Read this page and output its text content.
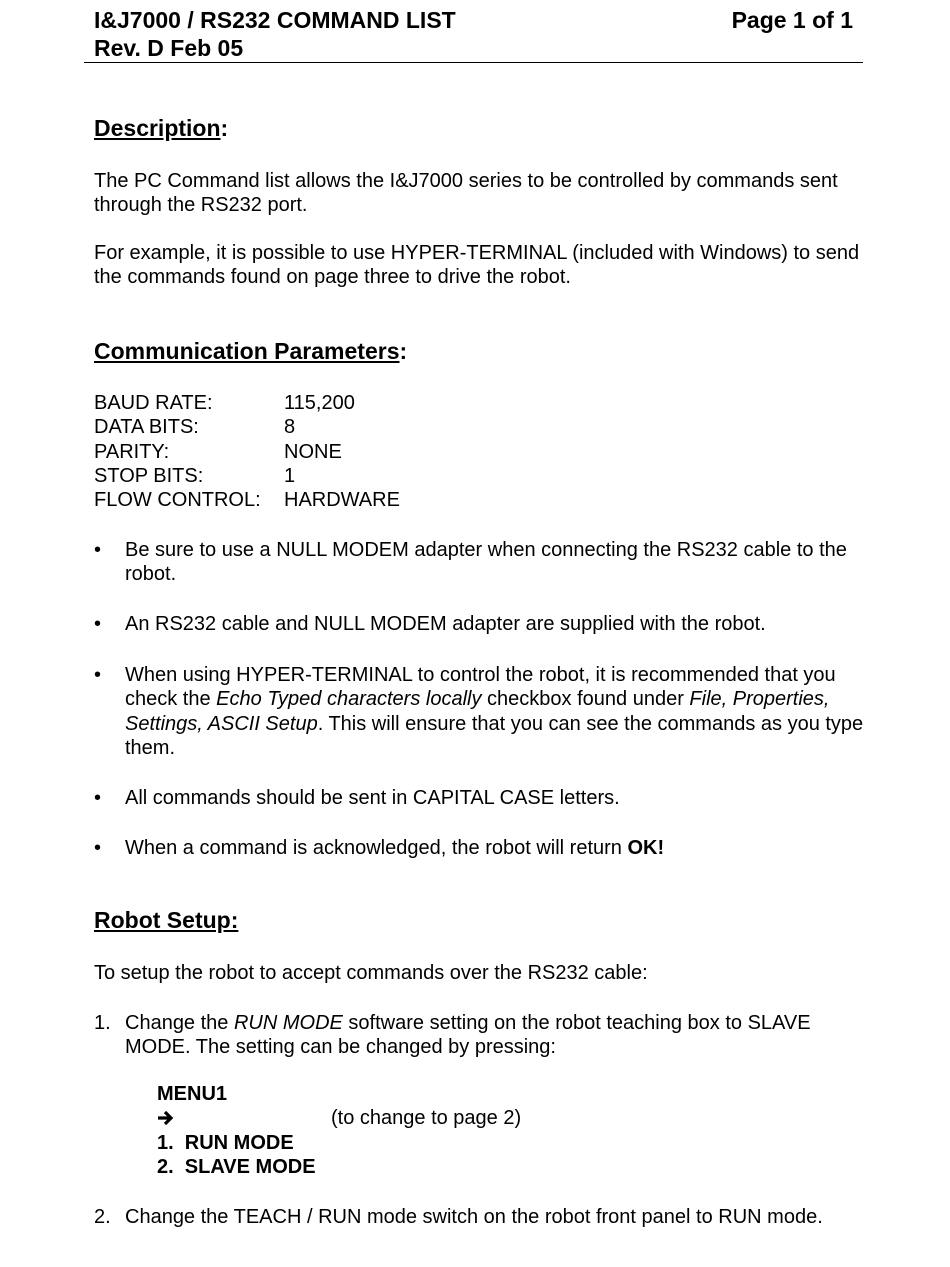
I&J7000 / RS232 COMMAND LIST
Rev. D Feb 05
Page 1 of 1
Description:

The PC Command list allows the I&J7000 series to be controlled by commands sent through the RS232 port.

For example, it is possible to use HYPER-TERMINAL (included with Windows) to send the commands found on page three to drive the robot.

Communication Parameters:
BAUD RATE:	115,200
DATA BITS:	8
PARITY:	NONE
STOP BITS:	1
FLOW CONTROL: HARDWARE
• Be sure to use a NULL MODEM adapter when connecting the RS232 cable to the robot.

• An RS232 cable and NULL MODEM adapter are supplied with the robot.

• When using HYPER-TERMINAL to control the robot, it is recommended that you check the Echo Typed characters locally checkbox found under File, Properties, Settings, ASCII Setup. This will ensure that you can see the commands as you type them.

• All commands should be sent in CAPITAL CASE letters.

• When a command is acknowledged, the robot will return OK!

Robot Setup:

To setup the robot to accept commands over the RS232 cable:

1. Change the RUN MODE software setting on the robot teaching box to SLAVE MODE. The setting can be changed by pressing:

MENU1
(to change to page 2)
1.  RUN MODE
2.  SLAVE MODE
2. Change the TEACH / RUN mode switch on the robot front panel to RUN mode.
